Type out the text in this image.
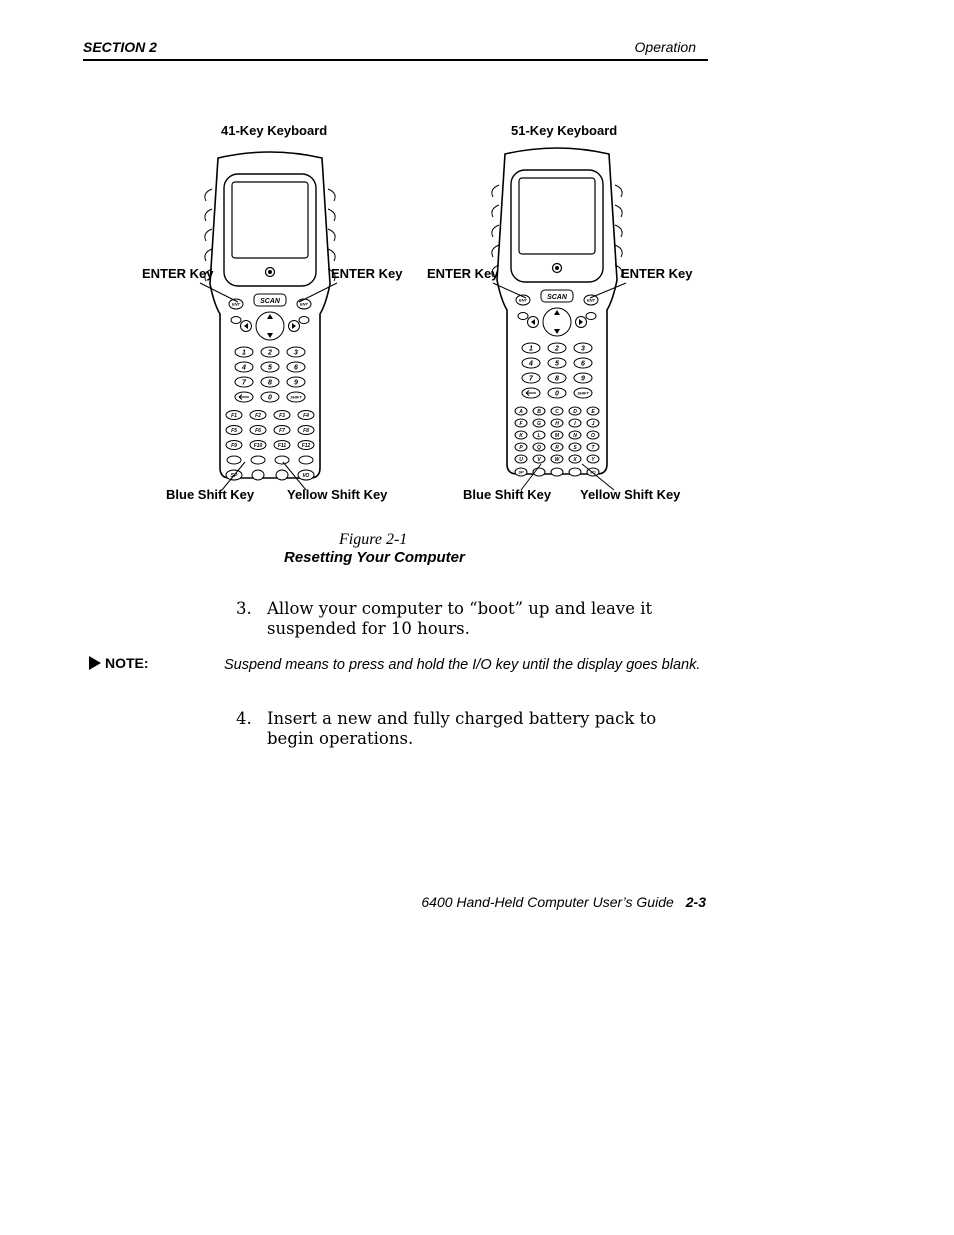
SECTION 2	Operation
41-Key Keyboard	51-Key Keyboard
ENT	ENT
SCAN
1	2	3
4	5	6
7	8	9
0	SHIFT
F1	F2	F3	F4
F5	F6	F7	F8
F9	F10	F11	F12
SP	I/O
ENT	ENT
SCAN
1	2	3
4	5	6
7	8	9
0	SHIFT
A	B	C	D	E
F	G	H	I	J
K	L	M	N	O
P	Q	R	S	T
U	V	W	X	Y
SP	I/O
ENTER Key	ENTER Key ENTER Key	ENTER Key
Blue Shift Key	Yellow Shift Key	Blue Shift Key Yellow Shift Key
Figure 2-1
Resetting Your Computer
3. Allow your computer to “boot” up and leave it suspended for 10 hours.
NOTE:	Suspend means to press and hold the I/O key until the display goes blank.
4. Insert a new and fully charged battery pack to begin operations.
6400 Hand-Held Computer User’s Guide 2-3
